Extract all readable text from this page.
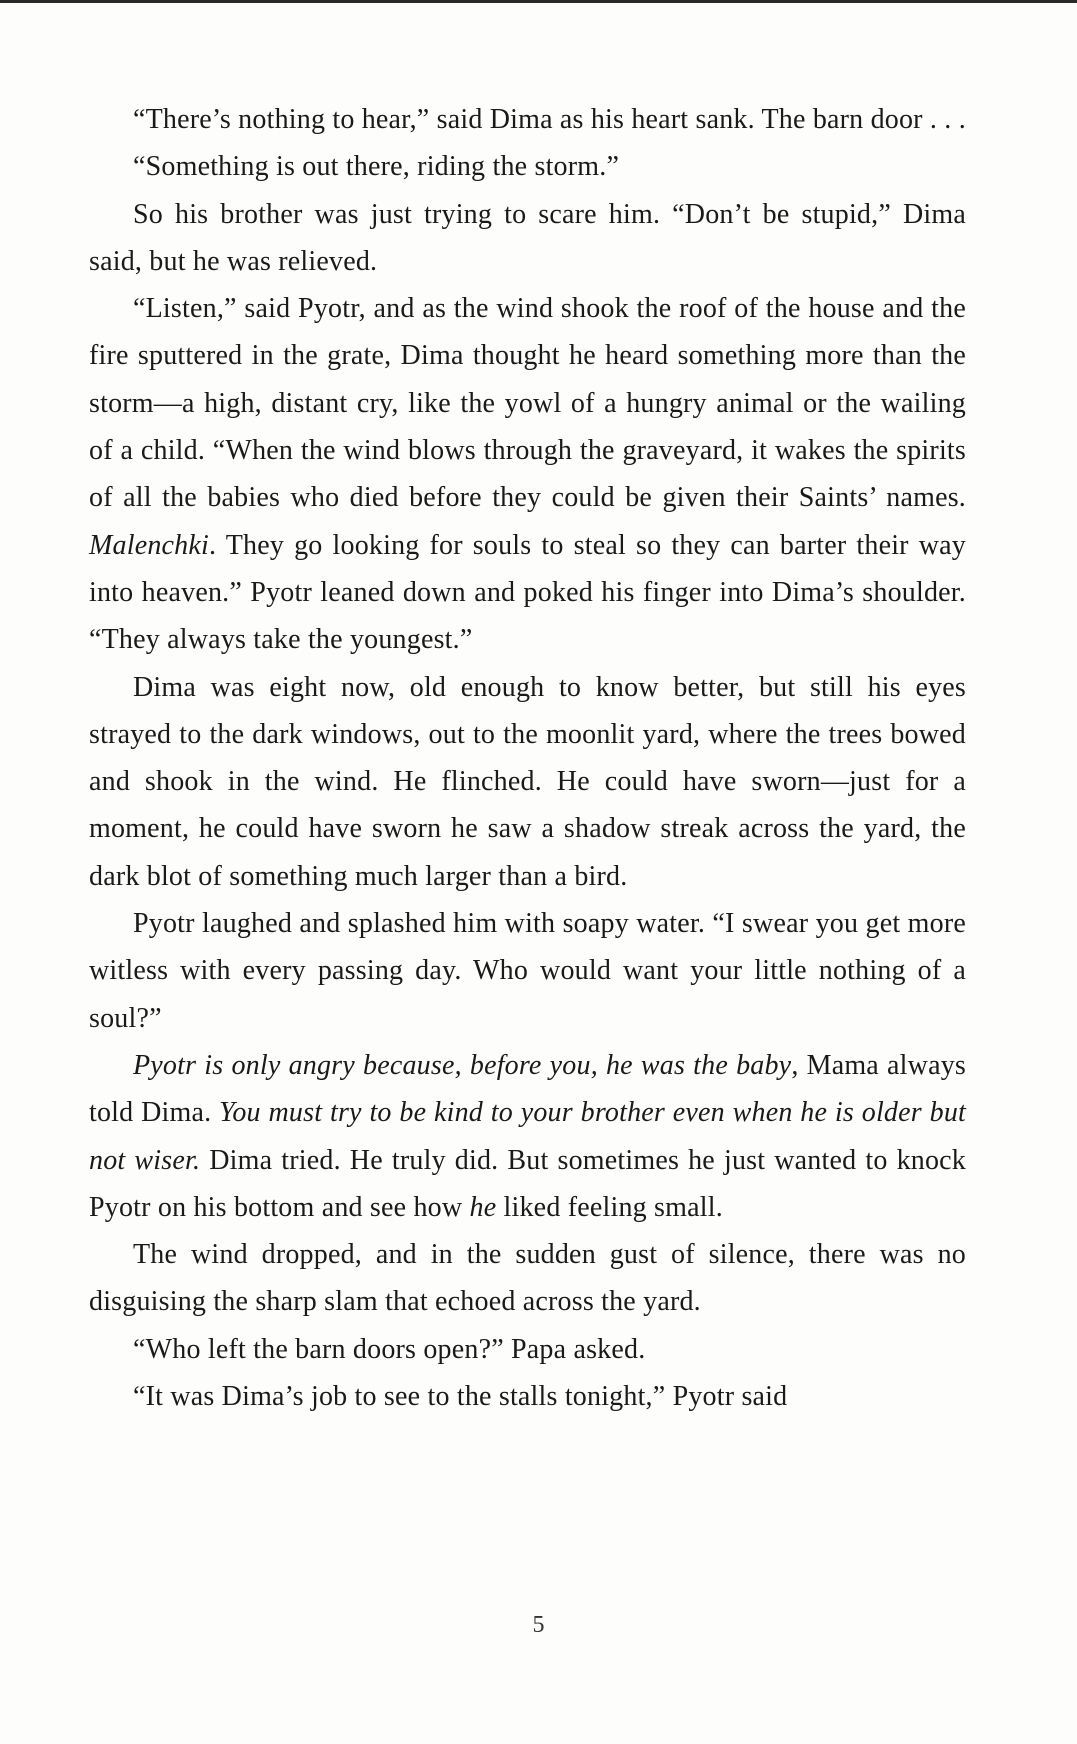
“There’s nothing to hear,” said Dima as his heart sank. The barn door . . .

“Something is out there, riding the storm.”

So his brother was just trying to scare him. “Don’t be stupid,” Dima said, but he was relieved.

“Listen,” said Pyotr, and as the wind shook the roof of the house and the fire sputtered in the grate, Dima thought he heard something more than the storm—a high, distant cry, like the yowl of a hungry animal or the wailing of a child. “When the wind blows through the graveyard, it wakes the spirits of all the babies who died before they could be given their Saints’ names. Malenchki. They go looking for souls to steal so they can barter their way into heaven.” Pyotr leaned down and poked his finger into Dima’s shoulder. “They always take the youngest.”

Dima was eight now, old enough to know better, but still his eyes strayed to the dark windows, out to the moonlit yard, where the trees bowed and shook in the wind. He flinched. He could have sworn—just for a moment, he could have sworn he saw a shadow streak across the yard, the dark blot of something much larger than a bird.

Pyotr laughed and splashed him with soapy water. “I swear you get more witless with every passing day. Who would want your little nothing of a soul?”

Pyotr is only angry because, before you, he was the baby, Mama always told Dima. You must try to be kind to your brother even when he is older but not wiser. Dima tried. He truly did. But sometimes he just wanted to knock Pyotr on his bottom and see how he liked feeling small.

The wind dropped, and in the sudden gust of silence, there was no disguising the sharp slam that echoed across the yard.

“Who left the barn doors open?” Papa asked.

“It was Dima’s job to see to the stalls tonight,” Pyotr said

5
